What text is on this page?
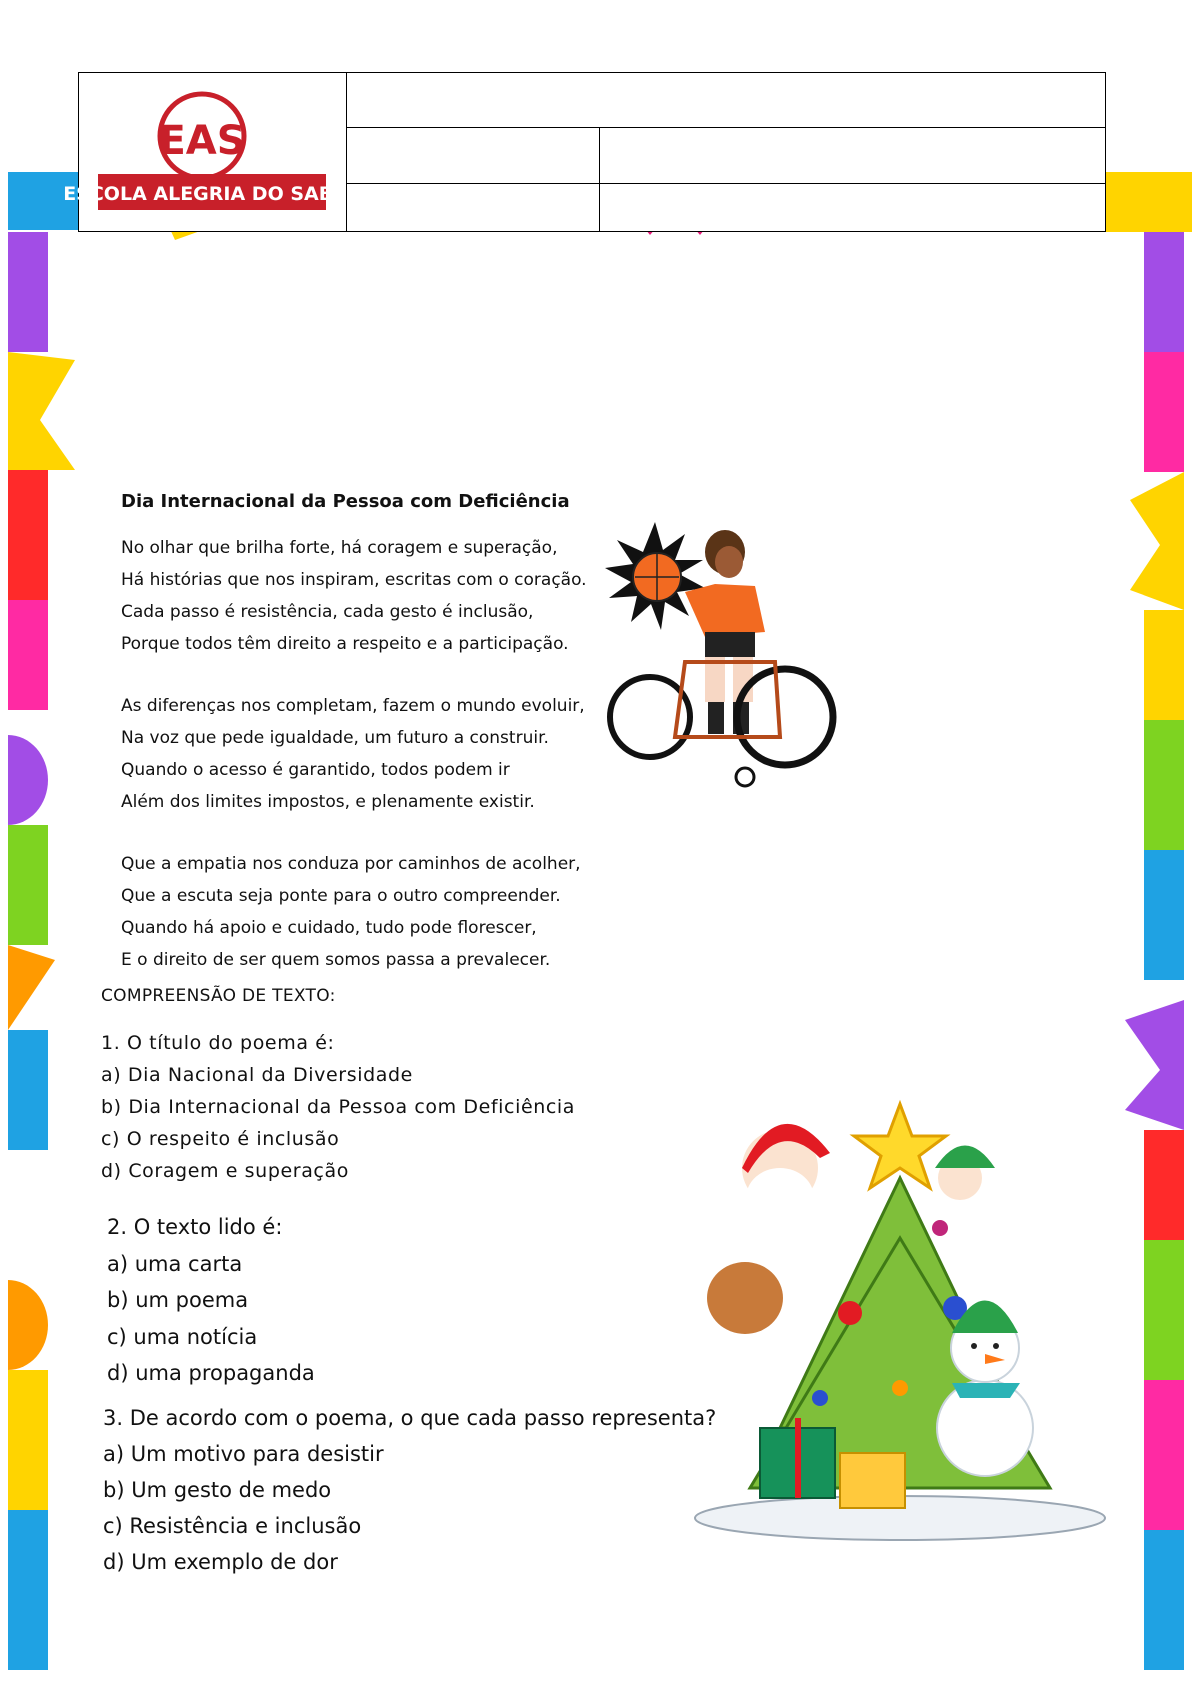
EAS
ESCOLA ALEGRIA DO SABER
Dia Internacional da Pessoa com Deficiência
No olhar que brilha forte, há coragem e superação,
Há histórias que nos inspiram, escritas com o coração.
Cada passo é resistência, cada gesto é inclusão,
Porque todos têm direito a respeito e a participação.
As diferenças nos completam, fazem o mundo evoluir,
Na voz que pede igualdade, um futuro a construir.
Quando o acesso é garantido, todos podem ir
Além dos limites impostos, e plenamente existir.
Que a empatia nos conduza por caminhos de acolher,
Que a escuta seja ponte para o outro compreender.
Quando há apoio e cuidado, tudo pode florescer,
E o direito de ser quem somos passa a prevalecer.
COMPREENSÃO DE TEXTO:
1. O título do poema é:
a) Dia Nacional da Diversidade
b) Dia Internacional da Pessoa com Deficiência
c) O respeito é inclusão
d) Coragem e superação
2. O texto lido é:
a) uma carta
b) um poema
c) uma notícia
d) uma propaganda
3. De acordo com o poema, o que cada passo representa?
a) Um motivo para desistir
b) Um gesto de medo
c) Resistência e inclusão
d) Um exemplo de dor
